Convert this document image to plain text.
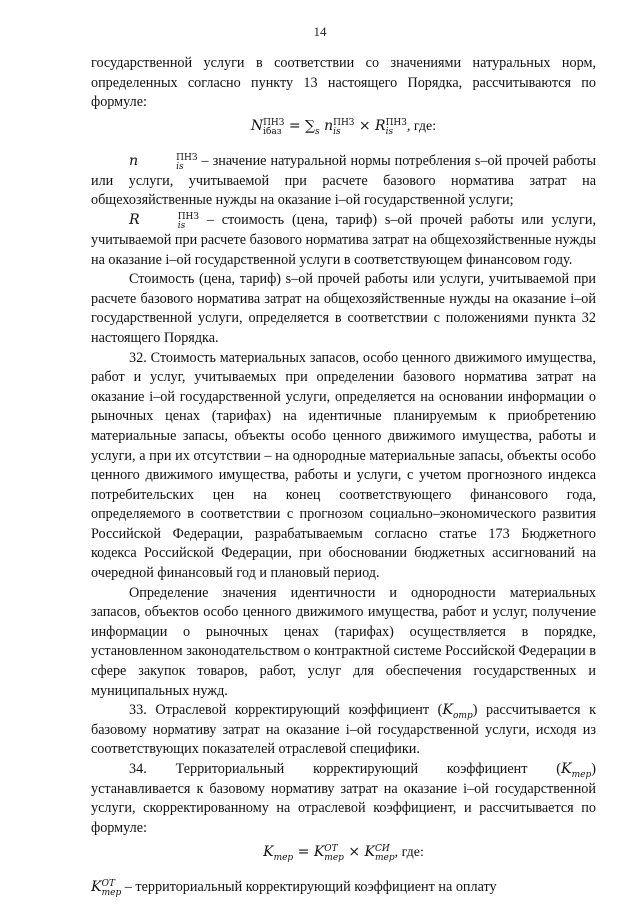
14

государственной услуги в соответствии со значениями натуральных норм, определенных согласно пункту 13 настоящего Порядка, рассчитываются по формуле:

N ПНЗ
iбаз = $\sum_s$ n ПНЗ
is × R ПНЗ
is , где:

n	ПНЗ
is – значение натуральной нормы потребления s–ой прочей работы или услуги, учитываемой при расчете базового норматива затрат на общехозяйственные нужды на оказание i–ой государственной услуги;

R	ПНЗ
is – стоимость (цена, тариф) s–ой прочей работы или услуги, учитываемой при расчете базового норматива затрат на общехозяйственные нужды на оказание i–ой государственной услуги в соответствующем финансовом году.

Стоимость (цена, тариф) s–ой прочей работы или услуги, учитываемой при расчете базового норматива затрат на общехозяйственные нужды на оказание i–ой государственной услуги, определяется в соответствии с положениями пункта 32 настоящего Порядка.

32. Стоимость материальных запасов, особо ценного движимого имущества, работ и услуг, учитываемых при определении базового норматива затрат на оказание i–ой государственной услуги, определяется на основании информации о рыночных ценах (тарифах) на идентичные планируемым к приобретению материальные запасы, объекты особо ценного движимого имущества, работы и услуги, а при их отсутствии – на однородные материальные запасы, объекты особо ценного движимого имущества, работы и услуги, с учетом прогнозного индекса потребительских цен на конец соответствующего финансового года, определяемого в соответствии с прогнозом социально–экономического развития Российской Федерации, разрабатываемым согласно статье 173 Бюджетного кодекса Российской Федерации, при обосновании бюджетных ассигнований на очередной финансовый год и плановый период.

Определение значения идентичности и однородности материальных запасов, объектов особо ценного движимого имущества, работ и услуг, получение информации о рыночных ценах (тарифах) осуществляется в порядке, установленном законодательством о контрактной системе Российской Федерации в сфере закупок товаров, работ, услуг для обеспечения государственных и муниципальных нужд.

33. Отраслевой корректирующий коэффициент $(K_{отр})$ рассчитывается к базовому нормативу затрат на оказание i–ой государственной услуги, исходя из соответствующих показателей отраслевой специфики.

34. Территориальный корректирующий коэффициент $(K_{тер})$ устанавливается к базовому нормативу затрат на оказание i–ой государственной услуги, скорректированному на отраслевой коэффициент, и рассчитывается по формуле:

$K_{тер} = K$ ОТ
тер × K СИ
тер , где:

K ОТ
тер – территориальный корректирующий коэффициент на оплату
